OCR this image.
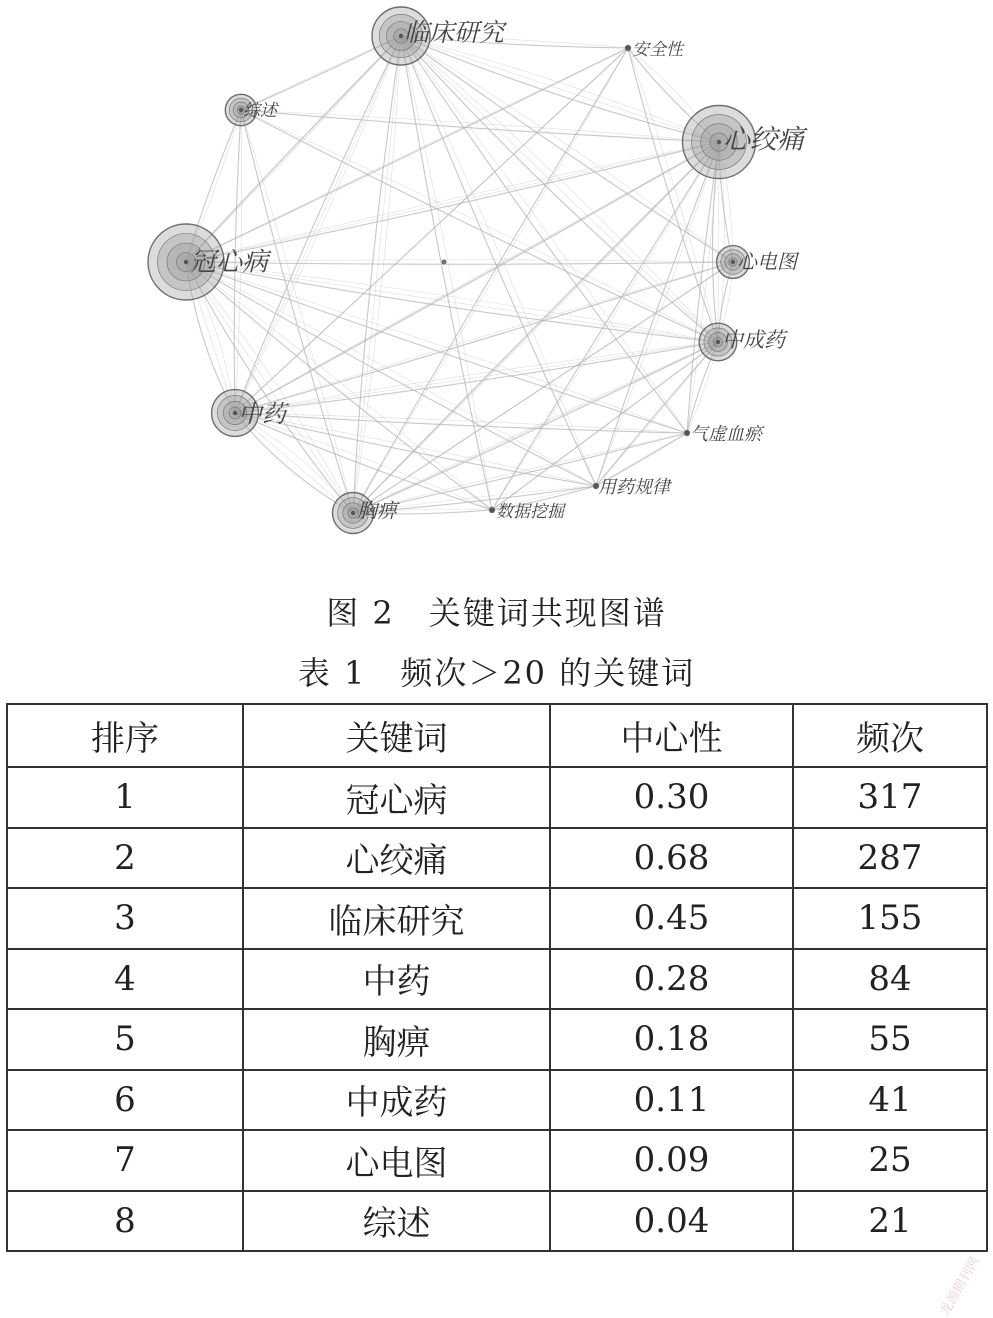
临床研究
安全性
综述
心绞痛
冠心病	心电图
中成药
中药
气虚血瘀
用药规律
胸痹	数据挖掘
图 2 关键词共现图谱
表 1 频次＞20 的关键词
排序	关键词	中心性	频次
1	冠心病	0.30	317
2	心绞痛	0.68	287
3	临床研究	0.45	155
4	中药	0.28	84
5	胸痹	0.18	55
6	中成药	0.11	41
7	心电图	0.09	25
8	综述	0.04	21
龙源期刊网
